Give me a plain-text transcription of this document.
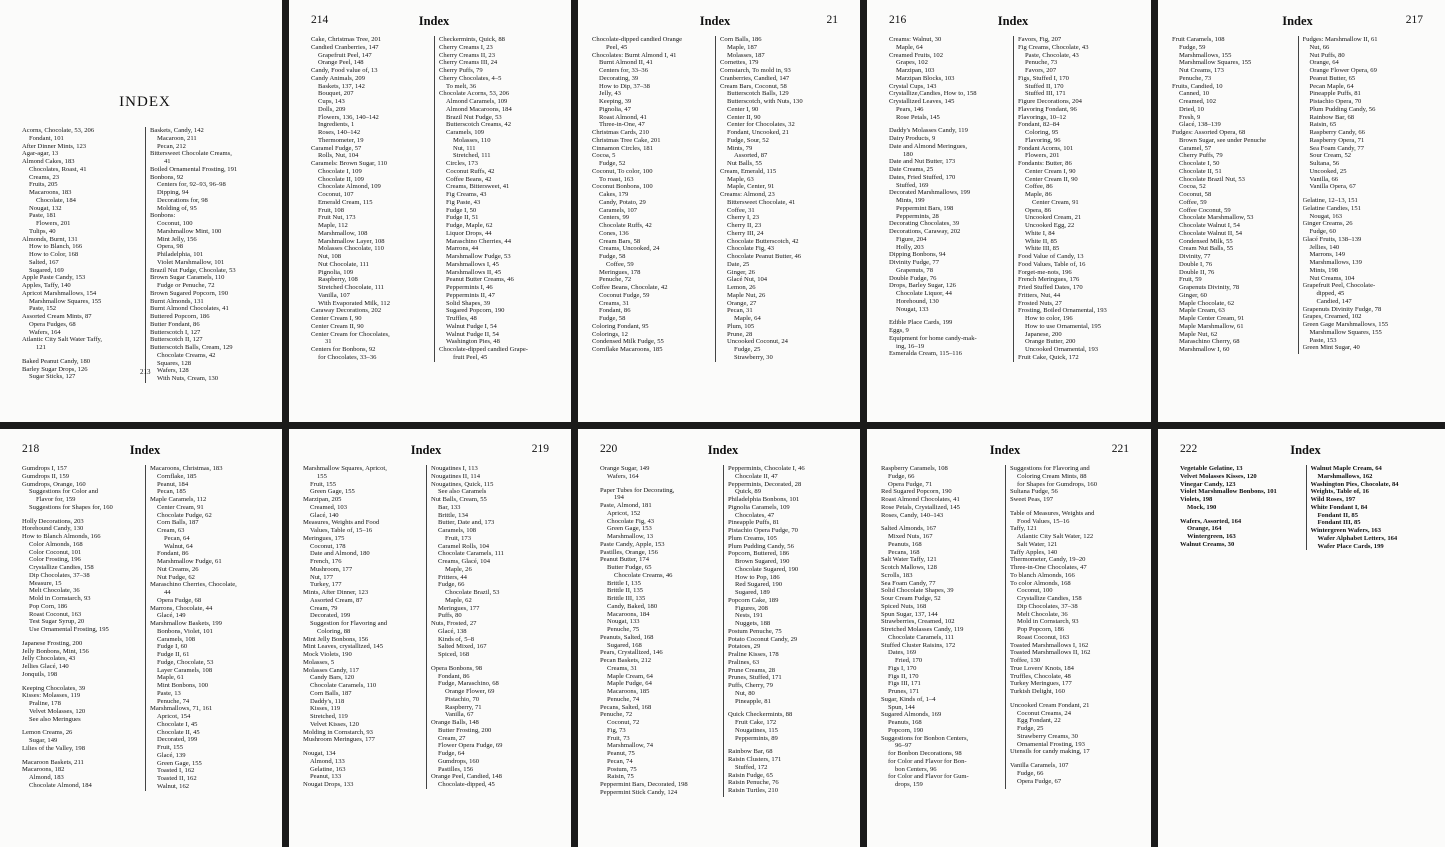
INDEX
Acorns, Chocolate, 53, 206
Fondant, 101
After Dinner Mints, 123
Agar-agar, 13
Almond Cakes, 183
Chocolates, Roast, 41
Creams, 23
Fruits, 205
Macaroons, 183
Chocolate, 184
Nougat, 132
Paste, 181
Flowers, 201
Tulips, 40
Almonds, Burnt, 131
How to Blanch, 166
How to Color, 168
Salted, 167
Sugared, 169
Apple Paste Candy, 153
Apples, Taffy, 140
Apricot Marshmallows, 154
Marshmallow Squares, 155
Paste, 152
Assorted Cream Mints, 87
Opera Fudges, 68
Wafers, 164
Atlantic City Salt Water Taffy,
121
Baked Peanut Candy, 180
Barley Sugar Drops, 126
Sugar Sticks, 127
Baskets, Candy, 142
Macaroon, 211
Pecan, 212
Bittersweet Chocolate Creams,
41
Boiled Ornamental Frosting, 191
Bonbons, 92
Centers for, 92–93, 96–98
Dipping, 94
Decorations for, 98
Molding of, 95
Bonbons:
Coconut, 100
Marshmallow Mint, 100
Mint Jelly, 156
Opera, 98
Philadelphia, 101
Violet Marshmallow, 101
Brazil Nut Fudge, Chocolate, 53
Brown Sugar Caramels, 110
Fudge or Penuche, 72
Brown Sugared Popcorn, 190
Burnt Almonds, 131
Burnt Almond Chocolates, 41
Buttered Popcorn, 186
Butter Fondant, 86
Butterscotch I, 127
Butterscotch II, 127
Butterscotch Balls, Cream, 129
Chocolate Creams, 42
Squares, 128
Wafers, 128
With Nuts, Cream, 130
213
Index
214
Cake, Christmas Tree, 201
Candied Cranberries, 147
Grapefruit Peel, 147
Orange Peel, 148
Candy, Food value of, 13
Candy Animals, 209
Baskets, 137, 142
Bouquet, 207
Cups, 143
Dolls, 209
Flowers, 136, 140–142
Ingredients, 1
Roses, 140–142
Thermometer, 19
Caramel Fudge, 57
Rolls, Nut, 104
Caramels: Brown Sugar, 110
Chocolate I, 109
Chocolate II, 109
Chocolate Almond, 109
Coconut, 107
Emerald Cream, 115
Fruit, 108
Fruit Nut, 173
Maple, 112
Marshmallow, 108
Marshmallow Layer, 108
Molasses Chocolate, 110
Nut, 108
Nut Chocolate, 111
Pignolia, 109
Raspberry, 108
Stretched Chocolate, 111
Vanilla, 107
With Evaporated Milk, 112
Caraway Decorations, 202
Center Cream I, 90
Center Cream II, 90
Center Cream for Chocolates,
31
Centers for Bonbons, 92
for Chocolates, 33–36
Checkermints, Quick, 88
Cherry Creams I, 23
Cherry Creams II, 23
Cherry Creams III, 24
Cherry Puffs, 79
Cherry Chocolates, 4–5
To melt, 36
Chocolate Acorns, 53, 206
Almond Caramels, 109
Almond Macaroons, 184
Brazil Nut Fudge, 53
Butterscotch Creams, 42
Caramels, 109
Molasses, 110
Nut, 111
Stretched, 111
Circles, 173
Coconut Ruffs, 42
Coffee Beans, 42
Creams, Bittersweet, 41
Fig Creams, 43
Fig Paste, 43
Fudge I, 50
Fudge II, 51
Fudge, Maple, 62
Liquor Drops, 44
Maraschino Cherries, 44
Marrons, 44
Marshmallow Fudge, 53
Marshmallows I, 45
Marshmallows II, 45
Peanut Butter Creams, 46
Peppermints I, 46
Peppermints II, 47
Solid Shapes, 39
Sugared Popcorn, 190
Truffles, 48
Walnut Fudge I, 54
Walnut Fudge II, 54
Washington Pies, 48
Chocolate-dipped candied Grape-
fruit Peel, 45
Index	21
Chocolate-dipped candied Orange
Peel, 45
Chocolates: Burnt Almond I, 41
Burnt Almond II, 41
Centers for, 33–36
Decorating, 39
How to Dip, 37–38
Jelly, 43
Keeping, 39
Pignolia, 47
Roast Almond, 41
Three-in-One, 47
Christmas Cards, 210
Christmas Tree Cake, 201
Cinnamon Circles, 181
Cocoa, 5
Fudge, 52
Coconut, To color, 100
To roast, 163
Coconut Bonbons, 100
Cakes, 179
Candy, Potato, 29
Caramels, 107
Centers, 99
Chocolate Ruffs, 42
Cones, 136
Cream Bars, 58
Creams, Uncooked, 24
Fudge, 58
Coffee, 59
Meringues, 178
Penuche, 72
Coffee Beans, Chocolate, 42
Coconut Fudge, 59
Creams, 31
Fondant, 86
Fudge, 58
Coloring Fondant, 95
Colorings, 12
Condensed Milk Fudge, 55
Cornflake Macaroons, 185
Corn Balls, 186
Maple, 187
Molasses, 187
Cornettes, 179
Cornstarch, To mold in, 93
Cranberries, Candied, 147
Cream Bars, Coconut, 58
Butterscotch Balls, 129
Butterscotch, with Nuts, 130
Center I, 90
Center II, 90
Center for Chocolates, 32
Fondant, Uncooked, 21
Fudge, Sour, 52
Mints, 79
Assorted, 87
Nut Balls, 55
Cream, Emerald, 115
Maple, 63
Maple, Center, 91
Creams: Almond, 23
Bittersweet Chocolate, 41
Coffee, 31
Cherry I, 23
Cherry II, 23
Cherry III, 24
Chocolate Butterscotch, 42
Chocolate Fig, 43
Chocolate Peanut Butter, 46
Date, 25
Ginger, 26
Glacé Nut, 104
Lemon, 26
Maple Nut, 26
Orange, 27
Pecan, 31
Maple, 64
Plum, 105
Prune, 28
Uncooked Coconut, 24
Fudge, 25
Strawberry, 30
Index
216
Creams: Walnut, 30
Maple, 64
Creamed Fruits, 102
Grapes, 102
Marzipan, 103
Marzipan Blocks, 103
Crystal Cups, 143
Crystallize,Candies, How to, 158
Crystallized Leaves, 145
Pears, 146
Rose Petals, 145
Daddy's Molasses Candy, 119
Dairy Products, 9
Date and Almond Meringues,
180
Date and Nut Butter, 173
Date Creams, 25
Dates, Fried Stuffed, 170
Stuffed, 169
Decorated Marshmallows, 199
Mints, 199
Peppermint Bars, 198
Peppermints, 28
Decorating Chocolates, 39
Decorations, Caraway, 202
Figure, 204
Holly, 203
Dipping Bonbons, 94
Divinity Fudge, 77
Grapenuts, 78
Double Fudge, 76
Drops, Barley Sugar, 126
Chocolate Liquor, 44
Horehound, 130
Nougat, 133
Edible Place Cards, 199
Eggs, 9
Equipment for home candy-mak-
ing, 16–19
Esmeralda Cream, 115–116
Favors, Fig, 207
Fig Creams, Chocolate, 43
Paste, Chocolate, 43
Penuche, 73
Favors, 207
Figs, Stuffed I, 170
Stuffed II, 170
Stuffed III, 171
Figure Decorations, 204
Flavoring Fondant, 96
Flavorings, 10–12
Fondant, 82–84
Coloring, 95
Flavoring, 96
Fondant Acorns, 101
Flowers, 201
Fondants: Butter, 86
Center Cream I, 90
Center Cream II, 90
Coffee, 86
Maple, 86
Center Cream, 91
Opera, 86
Uncooked Cream, 21
Uncooked Egg, 22
White I, 84
White II, 85
White III, 85
Food Value of Candy, 13
Food Values, Table of, 16
Forget-me-nots, 196
French Meringues, 176
Fried Stuffed Dates, 170
Fritters, Nut, 44
Frosted Nuts, 27
Frosting, Boiled Ornamental, 193
How to color, 196
How to use Ornamental, 195
Japanese, 200
Orange Butter, 200
Uncooked Ornamental, 193
Fruit Cake, Quick, 172
Index	217
Fruit Caramels, 108
Fudge, 59
Marshmallows, 155
Marshmallow Squares, 155
Nut Creams, 173
Penuche, 73
Fruits, Candied, 10
Canned, 10
Creamed, 102
Dried, 10
Fresh, 9
Glacé, 138–139
Fudges: Assorted Opera, 68
Brown Sugar, see under Penuche
Caramel, 57
Cherry Puffs, 79
Chocolate I, 50
Chocolate II, 51
Chocolate Brazil Nut, 53
Cocoa, 52
Coconut, 58
Coffee, 59
Coffee Coconut, 59
Chocolate Marshmallow, 53
Chocolate Walnut I, 54
Chocolate Walnut II, 54
Condensed Milk, 55
Cream Nut Balls, 55
Divinity, 77
Double I, 76
Double II, 76
Fruit, 59
Grapenuts Divinity, 78
Ginger, 60
Maple Chocolate, 62
Maple Cream, 63
Maple Center Cream, 91
Maple Marshmallow, 61
Maple Nut, 62
Maraschino Cherry, 68
Marshmallow I, 60
Fudges: Marshmallow II, 61
Nut, 66
Nut Puffs, 80
Orange, 64
Orange Flower Opera, 69
Peanut Butter, 65
Pecan Maple, 64
Pineapple Puffs, 81
Pistachio Opera, 70
Plum Pudding Candy, 56
Rainbow Bar, 68
Raisin, 65
Raspberry Candy, 66
Raspberry Opera, 71
Sea Foam Candy, 77
Sour Cream, 52
Sultana, 56
Uncooked, 25
Vanilla, 66
Vanilla Opera, 67
Gelatine, 12–13, 151
Gelatine Candies, 151
Nougat, 163
Ginger Creams, 26
Fudge, 60
Glacé Fruits, 138–139
Jellies, 140
Marrons, 149
Marshmallows, 139
Mints, 198
Nut Creams, 104
Grapefruit Peel, Chocolate-
dipped, 45
Candied, 147
Grapenuts Divinity Fudge, 78
Grapes, Creamed, 102
Green Gage Marshmallows, 155
Marshmallow Squares, 155
Paste, 153
Green Mint Sugar, 40
Index
218
Gumdrops I, 157
Gumdrops II, 159
Gumdrops, Orange, 160
Suggestions for Color and
Flavor for, 159
Suggestions for Shapes for, 160
Holly Decorations, 203
Horehound Candy, 130
How to Blanch Almonds, 166
Color Almonds, 168
Color Coconut, 101
Color Frosting, 196
Crystallize Candies, 158
Dip Chocolates, 37–38
Measure, 15
Melt Chocolate, 36
Mold in Cornstarch, 93
Pop Corn, 186
Roast Coconut, 163
Test Sugar Syrup, 20
Use Ornamental Frosting, 195
Japanese Frosting, 200
Jelly Bonbons, Mint, 156
Jelly Chocolates, 43
Jellies Glacé, 140
Jonquils, 198
Keeping Chocolates, 39
Kisses: Molasses, 119
Praline, 178
Velvet Molasses, 120
See also Meringues
Lemon Creams, 26
Sugar, 149
Lilies of the Valley, 198
Macaroon Baskets, 211
Macaroons, 182
Almond, 183
Chocolate Almond, 184
Macaroons, Christmas, 183
Cornflake, 185
Peanut, 184
Pecan, 185
Maple Caramels, 112
Center Cream, 91
Chocolate Fudge, 62
Corn Balls, 187
Cream, 63
Pecan, 64
Walnut, 64
Fondant, 86
Marshmallow Fudge, 61
Nut Creams, 26
Nut Fudge, 62
Maraschino Cherries, Chocolate,
44
Opera Fudge, 68
Marrons, Chocolate, 44
Glacé, 149
Marshmallow Baskets, 199
Bonbons, Violet, 101
Caramels, 108
Fudge I, 60
Fudge II, 61
Fudge, Chocolate, 53
Layer Caramels, 108
Maple, 61
Mint Bonbons, 100
Paste, 13
Penuche, 74
Marshmallows, 71, 161
Apricot, 154
Chocolate I, 45
Chocolate II, 45
Decorated, 199
Fruit, 155
Glacé, 139
Green Gage, 155
Toasted I, 162
Toasted II, 162
Walnut, 162
Index	219
Marshmallow Squares, Apricot,
155
Fruit, 155
Green Gage, 155
Marzipan, 205
Creamed, 103
Glacé, 140
Measures, Weights and Food
Values, Table of, 15–16
Meringues, 175
Coconut, 178
Date and Almond, 180
French, 176
Mushroom, 177
Nut, 177
Turkey, 177
Mints, After Dinner, 123
Assorted Cream, 87
Cream, 79
Decorated, 199
Suggestion for Flavoring and
Coloring, 88
Mint Jelly Bonbons, 156
Mint Leaves, crystallized, 145
Mock Violets, 190
Molasses, 5
Molasses Candy, 117
Candy Bars, 120
Chocolate Caramels, 110
Corn Balls, 187
Daddy's, 118
Kisses, 119
Stretched, 119
Velvet Kisses, 120
Molding in Cornstarch, 93
Mushroom Meringues, 177
Nougat, 134
Almond, 133
Gelatine, 163
Peanut, 133
Nougat Drops, 133
Nougatines I, 113
Nougatines II, 114
Nougatines, Quick, 115
See also Caramels
Nut Balls, Cream, 55
Bar, 133
Brittle, 134
Butter, Date and, 173
Caramels, 108
Fruit, 173
Caramel Rolls, 104
Chocolate Caramels, 111
Creams, Glacé, 104
Maple, 26
Fritters, 44
Fudge, 66
Chocolate Brazil, 53
Maple, 62
Meringues, 177
Puffs, 80
Nuts, Frosted, 27
Glacé, 138
Kinds of, 5–8
Salted Mixed, 167
Spiced, 168
Opera Bonbons, 98
Fondant, 86
Fudge, Maraschino, 68
Orange Flower, 69
Pistachio, 70
Raspberry, 71
Vanilla, 67
Orange Balls, 148
Butter Frosting, 200
Cream, 27
Flower Opera Fudge, 69
Fudge, 64
Gumdrops, 160
Pastilles, 156
Orange Peel, Candied, 148
Chocolate-dipped, 45
Index
220
Orange Sugar, 149
Wafers, 164
Paper Tubes for Decorating,
194
Paste, Almond, 181
Apricot, 152
Chocolate Fig, 43
Green Gage, 153
Marshmallow, 13
Paste Candy, Apple, 153
Pastilles, Orange, 156
Peanut Butter, 174
Butter Fudge, 65
Chocolate Creams, 46
Brittle I, 135
Brittle II, 135
Brittle III, 135
Candy, Baked, 180
Macaroons, 184
Nougat, 133
Penuche, 75
Peanuts, Salted, 168
Sugared, 168
Pears, Crystallized, 146
Pecan Baskets, 212
Creams, 31
Maple Cream, 64
Maple Fudge, 64
Macaroons, 185
Penuche, 74
Pecans, Salted, 168
Penuche, 72
Coconut, 72
Fig, 73
Fruit, 73
Marshmallow, 74
Peanut, 75
Pecan, 74
Postum, 75
Raisin, 75
Peppermint Bars, Decorated, 198
Peppermint Stick Candy, 124
Peppermints, Chocolate I, 46
Chocolate II, 47
Peppermints, Decorated, 28
Quick, 89
Philadelphia Bonbons, 101
Pignolia Caramels, 109
Chocolates, 47
Pineapple Puffs, 81
Pistachio Opera Fudge, 70
Plum Creams, 105
Plum Pudding Candy, 56
Popcorn, Buttered, 186
Brown Sugared, 190
Chocolate Sugared, 190
How to Pop, 186
Red Sugared, 190
Sugared, 189
Popcorn Cake, 189
Figures, 208
Nests, 191
Nuggets, 188
Postum Penuche, 75
Potato Coconut Candy, 29
Potatoes, 29
Praline Kisses, 178
Pralines, 63
Prune Creams, 28
Prunes, Stuffed, 171
Puffs, Cherry, 79
Nut, 80
Pineapple, 81
Quick Checkermints, 88
Fruit Cake, 172
Nougatines, 115
Peppermints, 89
Rainbow Bar, 68
Raisin Clusters, 171
Stuffed, 172
Raisin Fudge, 65
Raisin Penuche, 76
Raisin Turtles, 210
Index	221
Raspberry Caramels, 108
Fudge, 66
Opera Fudge, 71
Red Sugared Popcorn, 190
Roast Almond Chocolates, 41
Rose Petals, Crystallized, 145
Roses, Candy, 140–143
Salted Almonds, 167
Mixed Nuts, 167
Peanuts, 168
Pecans, 168
Salt Water Taffy, 121
Scotch Mallows, 128
Scrolls, 183
Sea Foam Candy, 77
Solid Chocolate Shapes, 39
Sour Cream Fudge, 52
Spiced Nuts, 168
Spun Sugar, 137, 144
Strawberries, Creamed, 102
Stretched Molasses Candy, 119
Chocolate Caramels, 111
Stuffed Cluster Raisins, 172
Dates, 169
Fried, 170
Figs I, 170
Figs II, 170
Figs III, 171
Prunes, 171
Sugar, Kinds of, 1–4
Spun, 144
Sugared Almonds, 169
Peanuts, 168
Popcorn, 190
Suggestions for Bonbon Centers,
96–97
for Bonbon Decorations, 98
for Color and Flavor for Bon-
bon Centers, 96
for Color and Flavor for Gum-
drops, 159
Suggestions for Flavoring and
Coloring Cream Mints, 88
for Shapes for Gumdrops, 160
Sultana Fudge, 56
Sweet Peas, 197
Table of Measures, Weights and
Food Values, 15–16
Taffy, 121
Atlantic City Salt Water, 122
Salt Water, 121
Taffy Apples, 140
Thermometer, Candy, 19–20
Three-in-One Chocolates, 47
To blanch Almonds, 166
To color Almonds, 168
Coconut, 100
Crystallize Candies, 158
Dip Chocolates, 37–38
Melt Chocolate, 36
Mold in Cornstarch, 93
Pop Popcorn, 186
Roast Coconut, 163
Toasted Marshmallows I, 162
Toasted Marshmallows II, 162
Toffee, 130
True Lovers' Knots, 184
Truffles, Chocolate, 48
Turkey Meringues, 177
Turkish Delight, 160
Uncooked Cream Fondant, 21
Coconut Creams, 24
Egg Fondant, 22
Fudge, 25
Strawberry Creams, 30
Ornamental Frosting, 193
Utensils for candy making, 17
Vanilla Caramels, 107
Fudge, 66
Opera Fudge, 67
Index
222
Vegetable Gelatine, 13
Velvet Molasses Kisses, 120
Vinegar Candy, 123
Violet Marshmallow Bonbons, 101
Violets, 198
Mock, 190
Wafers, Assorted, 164
Orange, 164
Wintergreen, 163
Walnut Creams, 30
Walnut Maple Cream, 64
Marshmallows, 162
Washington Pies, Chocolate, 84
Weights, Table of, 16
Wild Roses, 197
White Fondant I, 84
Fondant II, 85
Fondant III, 85
Wintergreen Wafers, 163
Wafer Alphabet Letters, 164
Wafer Place Cards, 199
